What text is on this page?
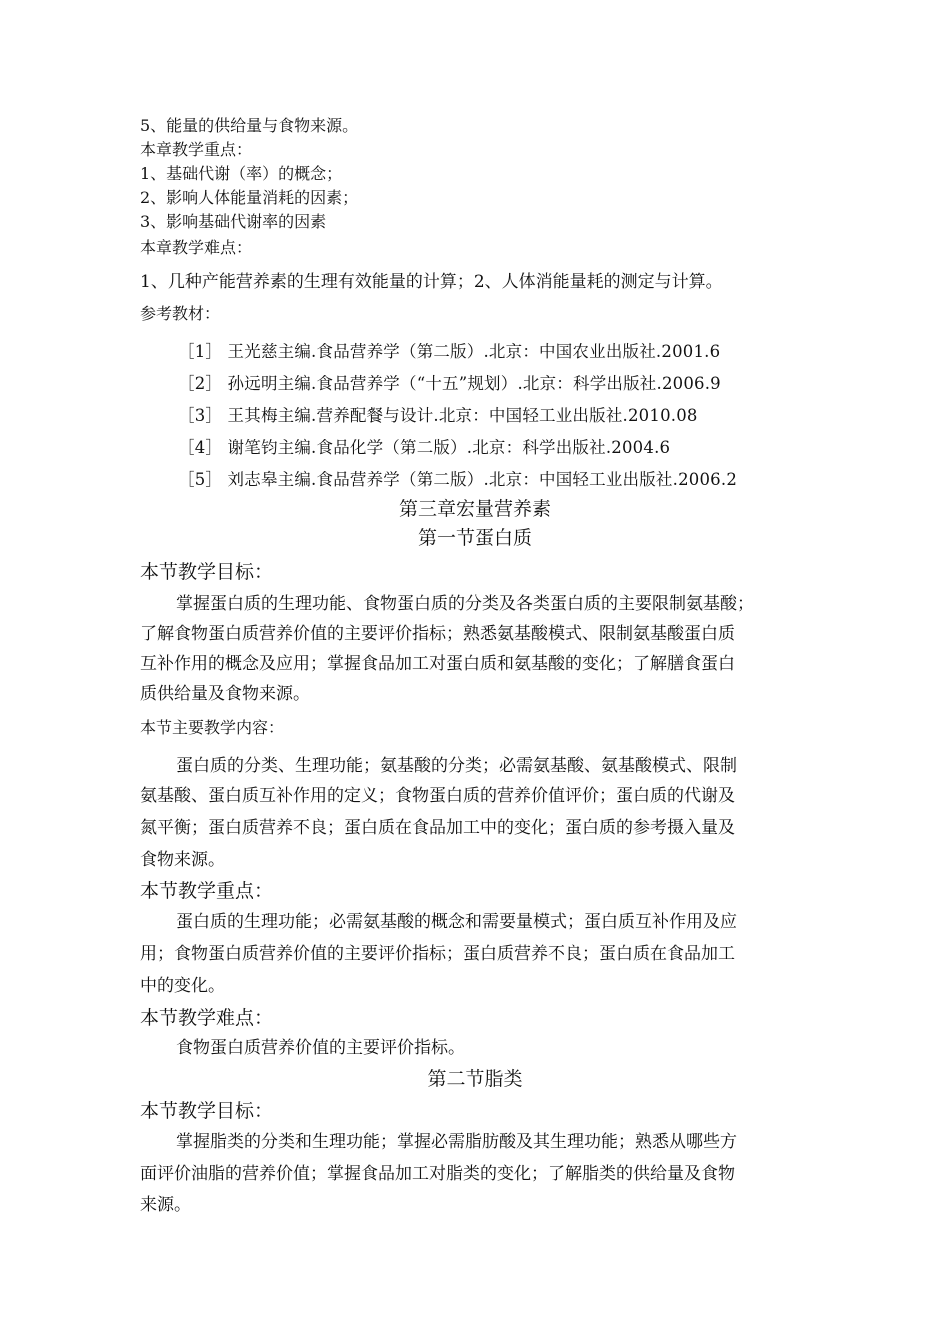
5、能量的供给量与食物来源。
本章教学重点：
1、基础代谢（率）的概念；
2、影响人体能量消耗的因素；
3、影响基础代谢率的因素
本章教学难点：
1、几种产能营养素的生理有效能量的计算；2、人体消能量耗的测定与计算。
参考教材：
［1］ 王光慈主编.食品营养学（第二版）.北京：中国农业出版社.2001.6
［2］ 孙远明主编.食品营养学（“十五”规划）.北京：科学出版社.2006.9
［3］ 王其梅主编.营养配餐与设计.北京：中国轻工业出版社.2010.08
［4］ 谢笔钧主编.食品化学（第二版）.北京：科学出版社.2004.6
［5］ 刘志皋主编.食品营养学（第二版）.北京：中国轻工业出版社.2006.2
第三章宏量营养素
第一节蛋白质
本节教学目标：
掌握蛋白质的生理功能、食物蛋白质的分类及各类蛋白质的主要限制氨基酸；
了解食物蛋白质营养价值的主要评价指标；熟悉氨基酸模式、限制氨基酸蛋白质
互补作用的概念及应用；掌握食品加工对蛋白质和氨基酸的变化；了解膳食蛋白
质供给量及食物来源。
本节主要教学内容：
蛋白质的分类、生理功能；氨基酸的分类；必需氨基酸、氨基酸模式、限制
氨基酸、蛋白质互补作用的定义；食物蛋白质的营养价值评价；蛋白质的代谢及
氮平衡；蛋白质营养不良；蛋白质在食品加工中的变化；蛋白质的参考摄入量及
食物来源。
本节教学重点：
蛋白质的生理功能；必需氨基酸的概念和需要量模式；蛋白质互补作用及应
用；食物蛋白质营养价值的主要评价指标；蛋白质营养不良；蛋白质在食品加工
中的变化。
本节教学难点：
食物蛋白质营养价值的主要评价指标。
第二节脂类
本节教学目标：
掌握脂类的分类和生理功能；掌握必需脂肪酸及其生理功能；熟悉从哪些方
面评价油脂的营养价值；掌握食品加工对脂类的变化；了解脂类的供给量及食物
来源。
